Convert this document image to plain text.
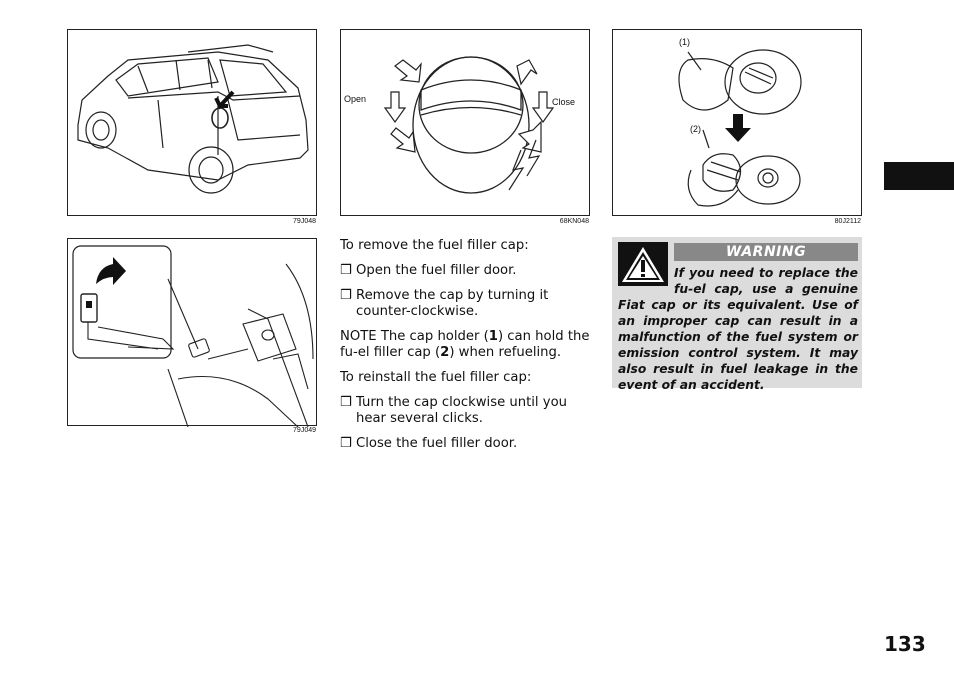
79J048
Open	Close
68KN048
(1)
(2)
80J2112
79J049

To remove the fuel filler cap:

❒ Open the fuel filler door.
❒ Remove the cap by turning it counter-clockwise.

NOTE The cap holder (1) can hold the fu-el filler cap (2) when refueling.

To reinstall the fuel filler cap:

❒ Turn the cap clockwise until you hear several clicks.
❒ Close the fuel filler door.
WARNING
If you need to replace the fu-el cap, use a genuine Fiat cap or its equivalent. Use of an improper cap can result in a malfunction of the fuel system or emission control system. It may also result in fuel leakage in the event of an accident.
133
